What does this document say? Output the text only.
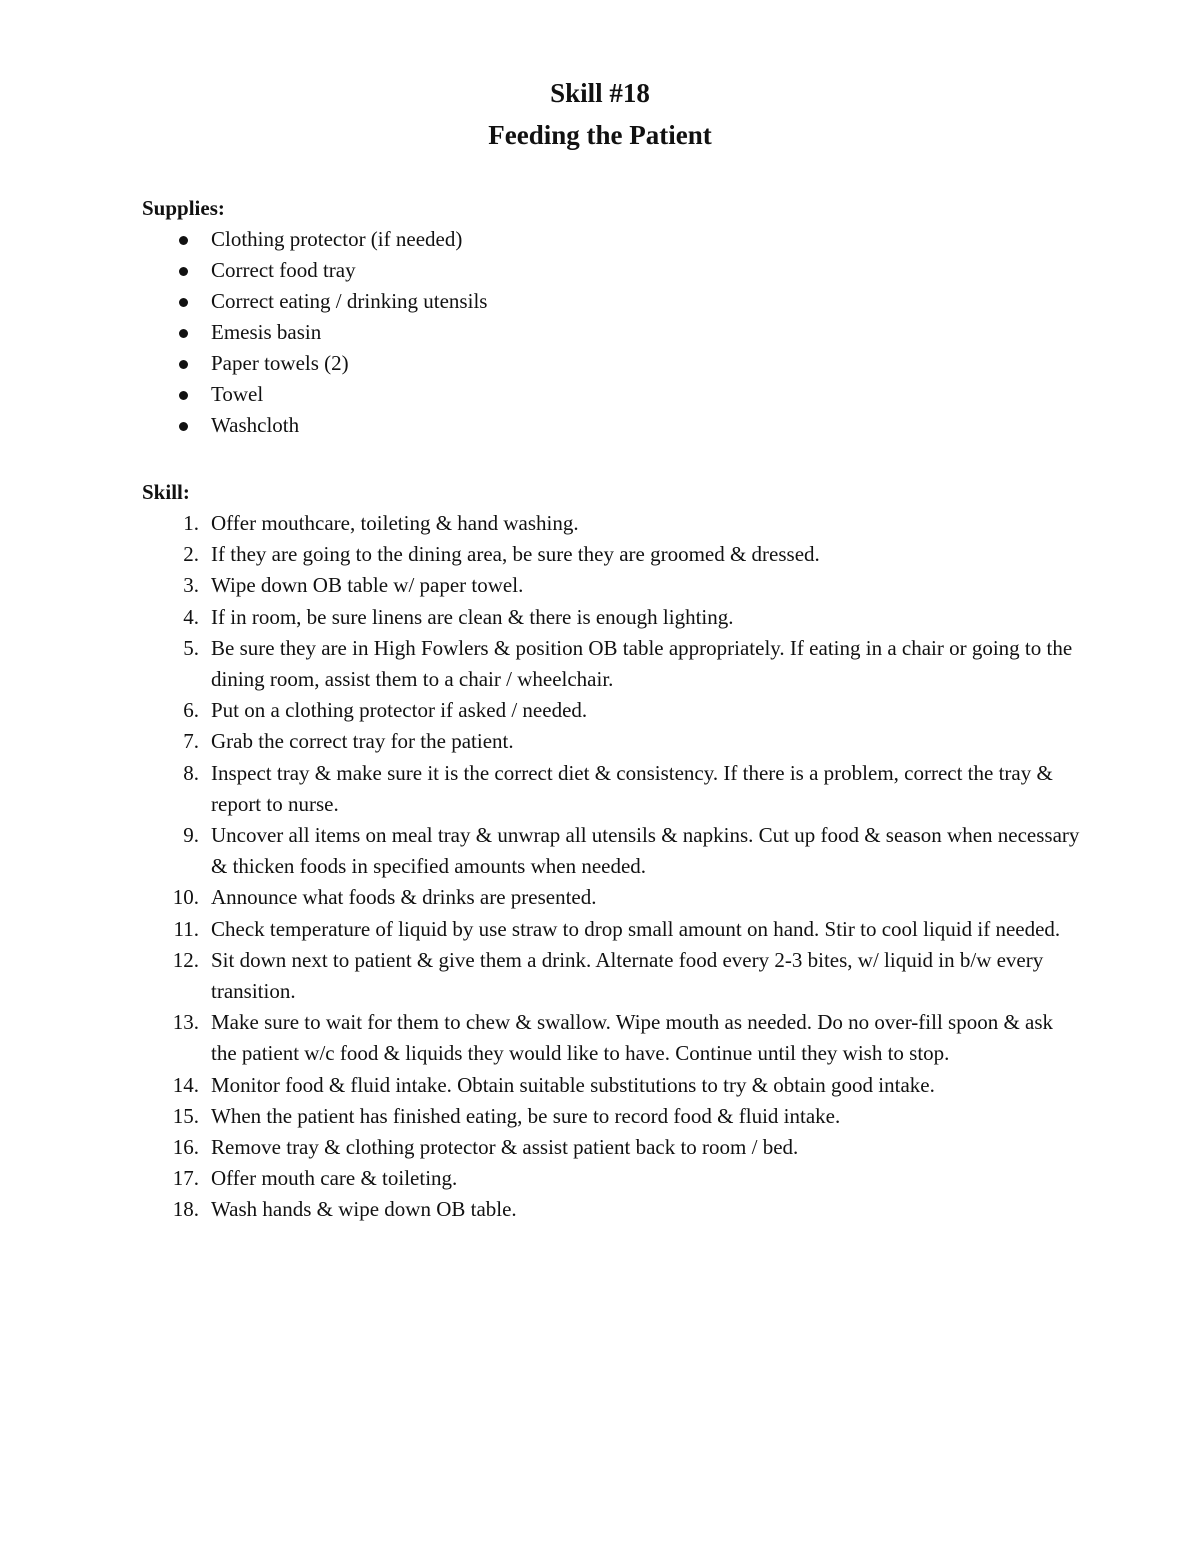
Skill #18

Feeding the Patient

Supplies:

Clothing protector (if needed)
Correct food tray
Correct eating / drinking utensils
Emesis basin
Paper towels (2)
Towel
Washcloth

Skill:

1. Offer mouthcare, toileting & hand washing.
2. If they are going to the dining area, be sure they are groomed & dressed.
3. Wipe down OB table w/ paper towel.
4. If in room, be sure linens are clean & there is enough lighting.
5. Be sure they are in High Fowlers & position OB table appropriately. If eating in a chair or going to the dining room, assist them to a chair / wheelchair.
6. Put on a clothing protector if asked / needed.
7. Grab the correct tray for the patient.
8. Inspect tray & make sure it is the correct diet & consistency. If there is a problem, correct the tray & report to nurse.
9. Uncover all items on meal tray & unwrap all utensils & napkins. Cut up food & season when necessary & thicken foods in specified amounts when needed.
10. Announce what foods & drinks are presented.
11. Check temperature of liquid by use straw to drop small amount on hand. Stir to cool liquid if needed.
12. Sit down next to patient & give them a drink. Alternate food every 2-3 bites, w/ liquid in b/w every transition.
13. Make sure to wait for them to chew & swallow. Wipe mouth as needed. Do no over-fill spoon & ask the patient w/c food & liquids they would like to have. Continue until they wish to stop.
14. Monitor food & fluid intake. Obtain suitable substitutions to try & obtain good intake.
15. When the patient has finished eating, be sure to record food & fluid intake.
16. Remove tray & clothing protector & assist patient back to room / bed.
17. Offer mouth care & toileting.
18. Wash hands & wipe down OB table.
